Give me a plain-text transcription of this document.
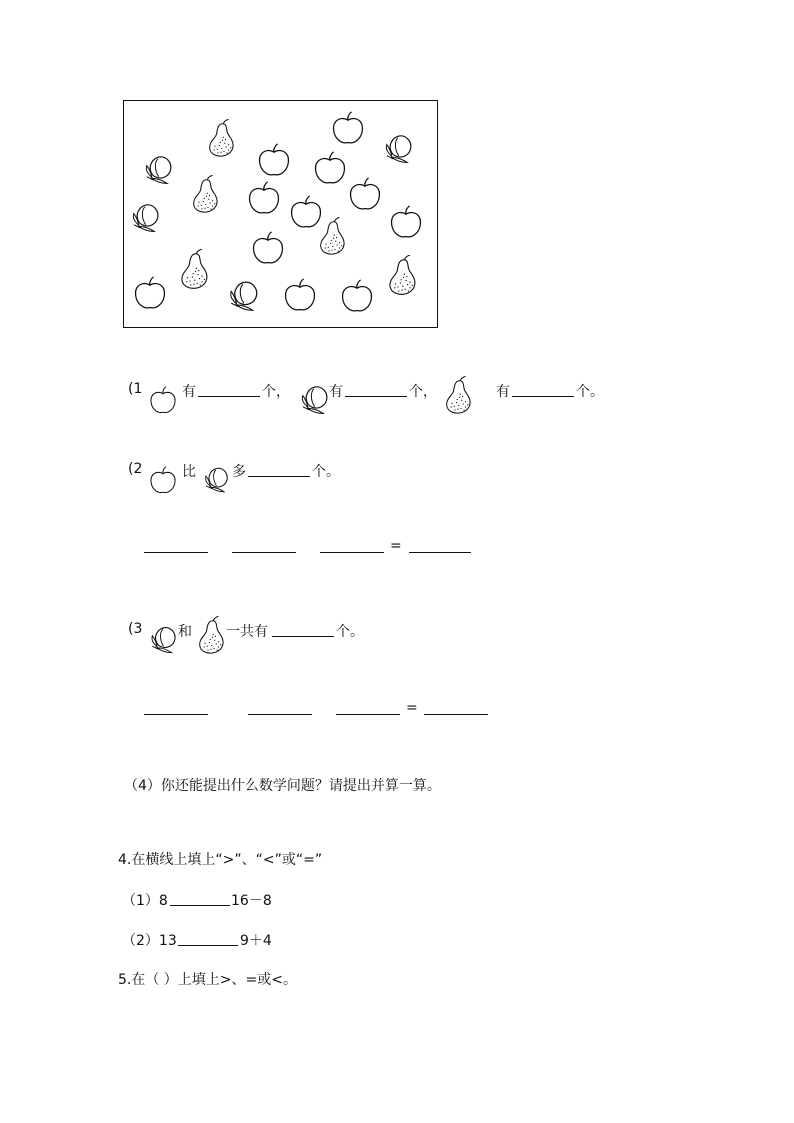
(1	有	个，	有	个，	有	个。
(2	比	多	个。
=
(3	和 一共有	个。
=
（4）你还能提出什么数学问题？请提出并算一算。
4.在横线上填上“>”、“<”或“=”
（1）8	16－8
（2）13	9＋4
5.在（ ）上填上>、=或<。
